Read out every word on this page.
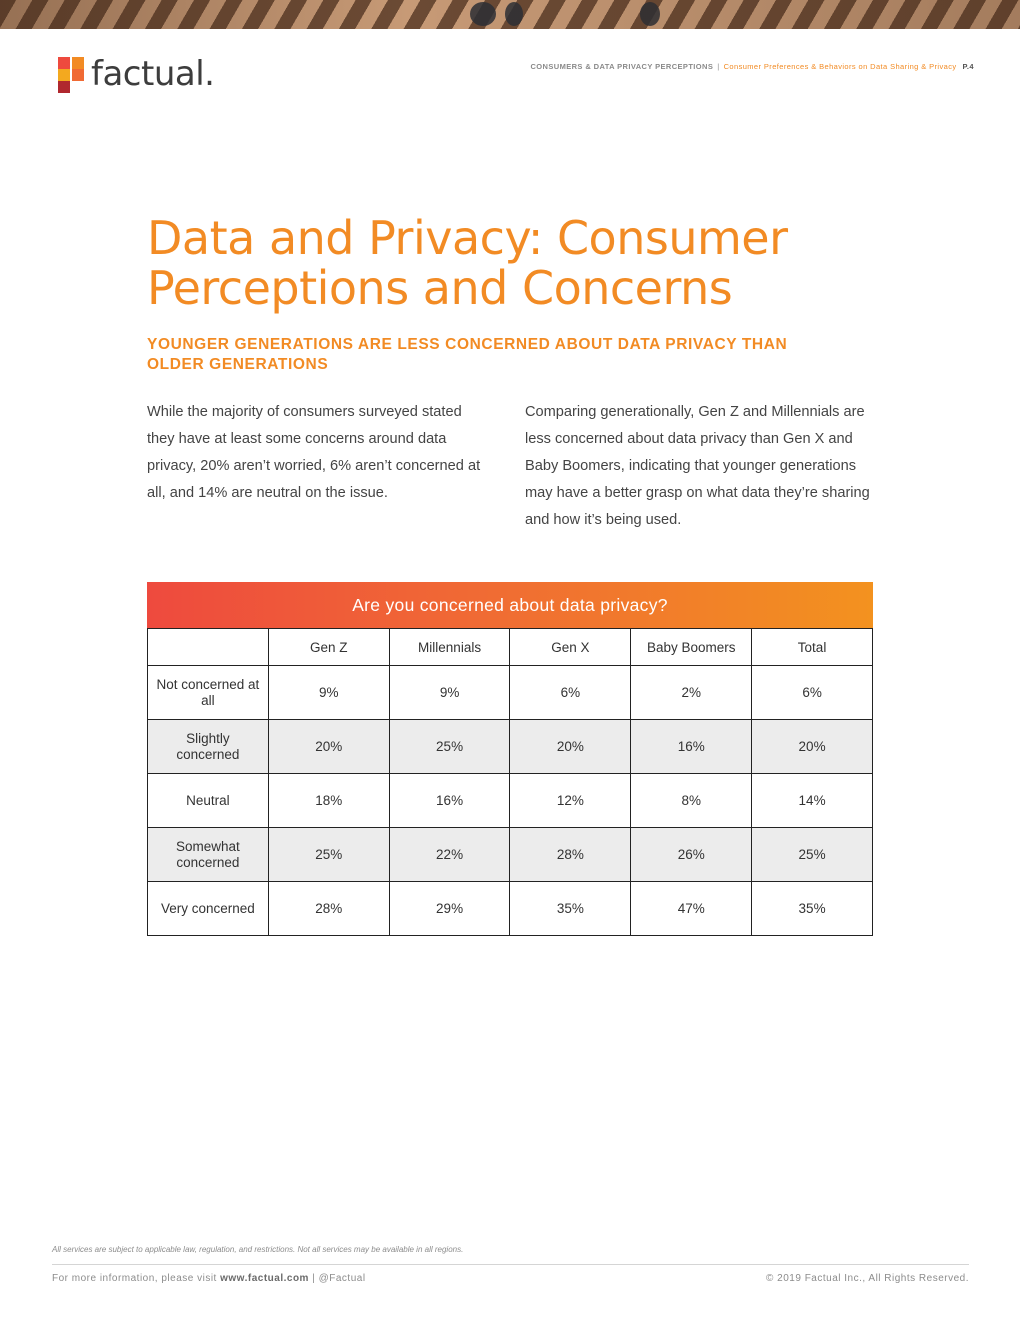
factual.	CONSUMERS & DATA PRIVACY PERCEPTIONS | Consumer Preferences & Behaviors on Data Sharing & Privacy P.4
Data and Privacy: Consumer Perceptions and Concerns
YOUNGER GENERATIONS ARE LESS CONCERNED ABOUT DATA PRIVACY THAN OLDER GENERATIONS

While the majority of consumers surveyed stated they have at least some concerns around data privacy, 20% aren’t worried, 6% aren’t concerned at all, and 14% are neutral on the issue.

Comparing generationally, Gen Z and Millennials are less concerned about data privacy than Gen X and Baby Boomers, indicating that younger generations may have a better grasp on what data they’re sharing and how it’s being used.

Are you concerned about data privacy?
	Gen Z	Millennials	Gen X	Baby Boomers	Total
Not concerned at all	9%	9%	6%	2%	6%
Slightly concerned	20%	25%	20%	16%	20%
Neutral	18%	16%	12%	8%	14%
Somewhat concerned	25%	22%	28%	26%	25%
Very concerned	28%	29%	35%	47%	35%
All services are subject to applicable law, regulation, and restrictions. Not all services may be available in all regions.
For more information, please visit www.factual.com | @Factual	© 2019 Factual Inc., All Rights Reserved.
